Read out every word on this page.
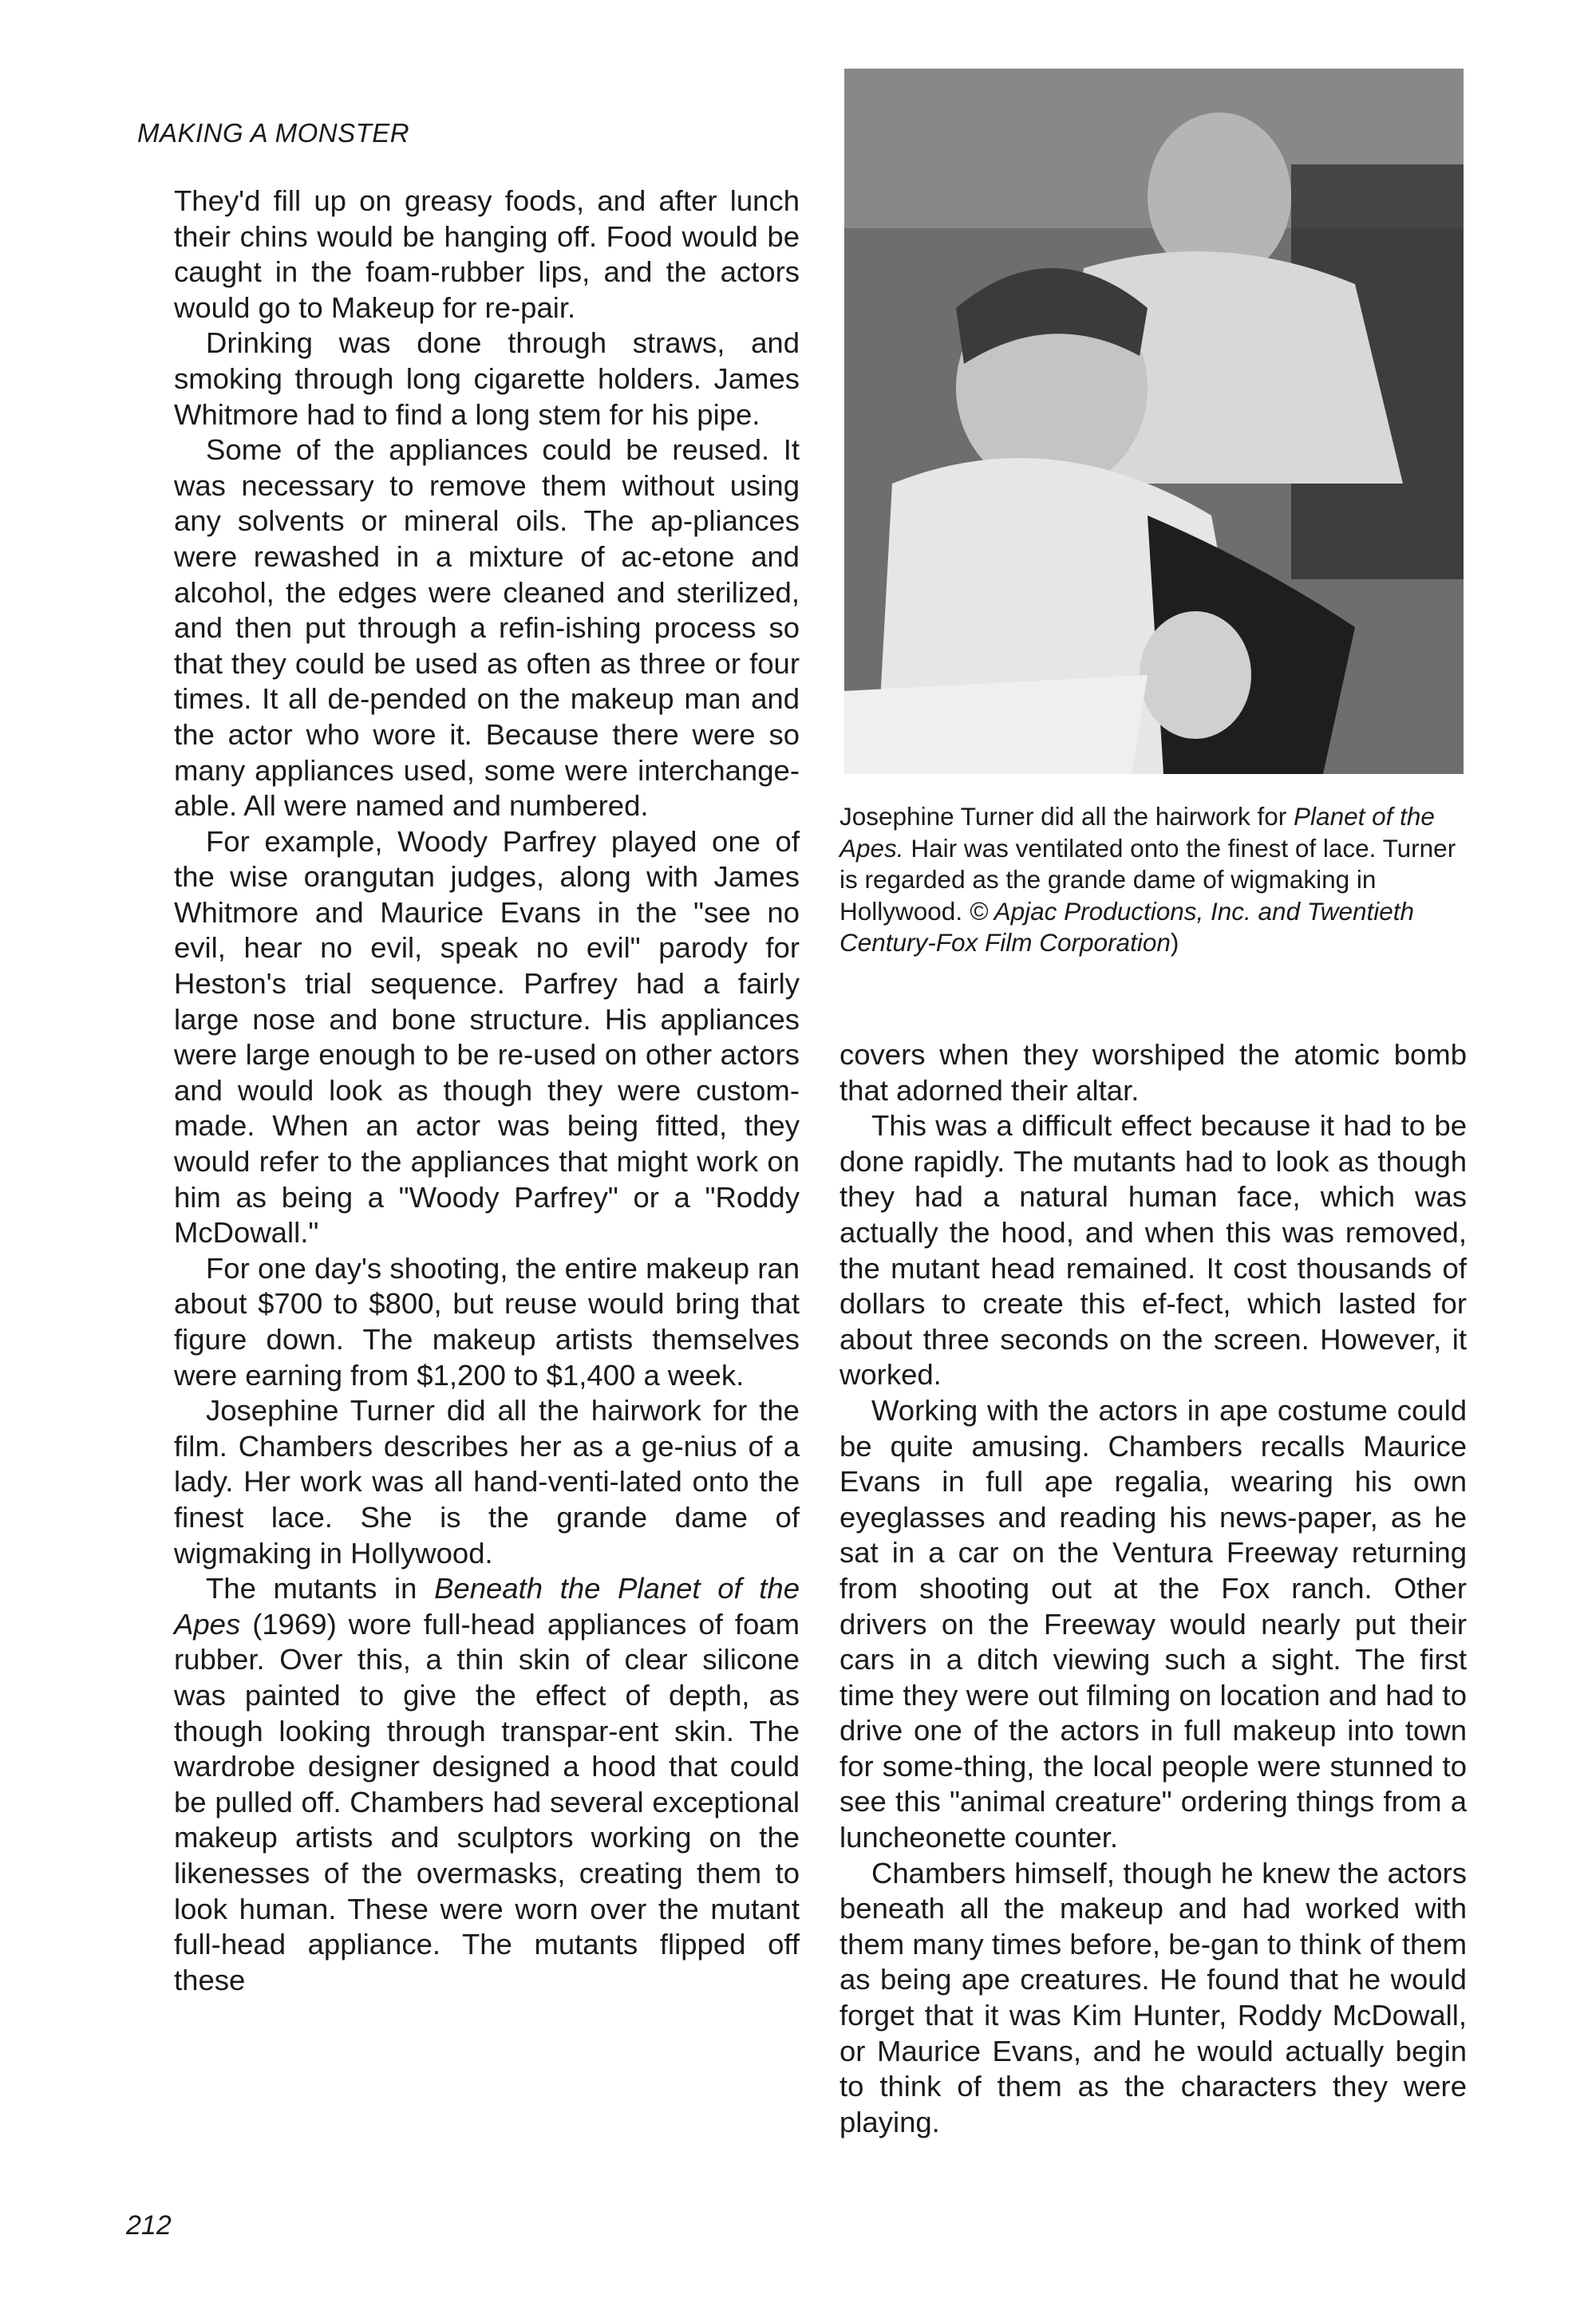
MAKING A MONSTER

They'd fill up on greasy foods, and after lunch their chins would be hanging off. Food would be caught in the foam-rubber lips, and the actors would go to Makeup for re-pair.

Drinking was done through straws, and smoking through long cigarette holders. James Whitmore had to find a long stem for his pipe.

Some of the appliances could be reused. It was necessary to remove them without using any solvents or mineral oils. The ap-pliances were rewashed in a mixture of ac-etone and alcohol, the edges were cleaned and sterilized, and then put through a refin-ishing process so that they could be used as often as three or four times. It all de-pended on the makeup man and the actor who wore it. Because there were so many appliances used, some were interchange-able. All were named and numbered.

For example, Woody Parfrey played one of the wise orangutan judges, along with James Whitmore and Maurice Evans in the "see no evil, hear no evil, speak no evil" parody for Heston's trial sequence. Parfrey had a fairly large nose and bone structure. His appliances were large enough to be re-used on other actors and would look as though they were custom-made. When an actor was being fitted, they would refer to the appliances that might work on him as being a "Woody Parfrey" or a "Roddy McDowall."

For one day's shooting, the entire makeup ran about $700 to $800, but reuse would bring that figure down. The makeup artists themselves were earning from $1,200 to $1,400 a week.

Josephine Turner did all the hairwork for the film. Chambers describes her as a ge-nius of a lady. Her work was all hand-venti-lated onto the finest lace. She is the grande dame of wigmaking in Hollywood.

The mutants in Beneath the Planet of the Apes (1969) wore full-head appliances of foam rubber. Over this, a thin skin of clear silicone was painted to give the effect of depth, as though looking through transpar-ent skin. The wardrobe designer designed a hood that could be pulled off. Chambers had several exceptional makeup artists and sculptors working on the likenesses of the overmasks, creating them to look human. These were worn over the mutant full-head appliance. The mutants flipped off these

Josephine Turner did all the hairwork for Planet of the Apes. Hair was ventilated onto the finest of lace. Turner is regarded as the grande dame of wigmaking in Hollywood. © Apjac Productions, Inc. and Twentieth Century-Fox Film Corporation)

covers when they worshiped the atomic bomb that adorned their altar.

This was a difficult effect because it had to be done rapidly. The mutants had to look as though they had a natural human face, which was actually the hood, and when this was removed, the mutant head remained. It cost thousands of dollars to create this ef-fect, which lasted for about three seconds on the screen. However, it worked.

Working with the actors in ape costume could be quite amusing. Chambers recalls Maurice Evans in full ape regalia, wearing his own eyeglasses and reading his news-paper, as he sat in a car on the Ventura Freeway returning from shooting out at the Fox ranch. Other drivers on the Freeway would nearly put their cars in a ditch viewing such a sight. The first time they were out filming on location and had to drive one of the actors in full makeup into town for some-thing, the local people were stunned to see this "animal creature" ordering things from a luncheonette counter.

Chambers himself, though he knew the actors beneath all the makeup and had worked with them many times before, be-gan to think of them as being ape creatures. He found that he would forget that it was Kim Hunter, Roddy McDowall, or Maurice Evans, and he would actually begin to think of them as the characters they were playing.

212
